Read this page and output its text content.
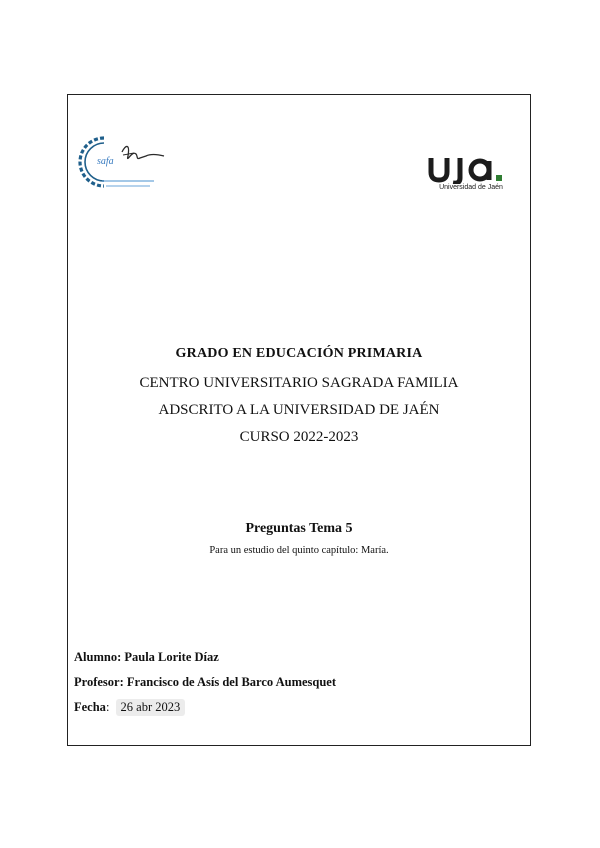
safa
Universidad de Jaén
GRADO EN EDUCACIÓN PRIMARIA
CENTRO UNIVERSITARIO SAGRADA FAMILIA
ADSCRITO A LA UNIVERSIDAD DE JAÉN
CURSO 2022-2023
Preguntas Tema 5
Para un estudio del quinto capítulo: María.
Alumno: Paula Lorite Díaz
Profesor: Francisco de Asís del Barco Aumesquet
Fecha: 26 abr 2023
